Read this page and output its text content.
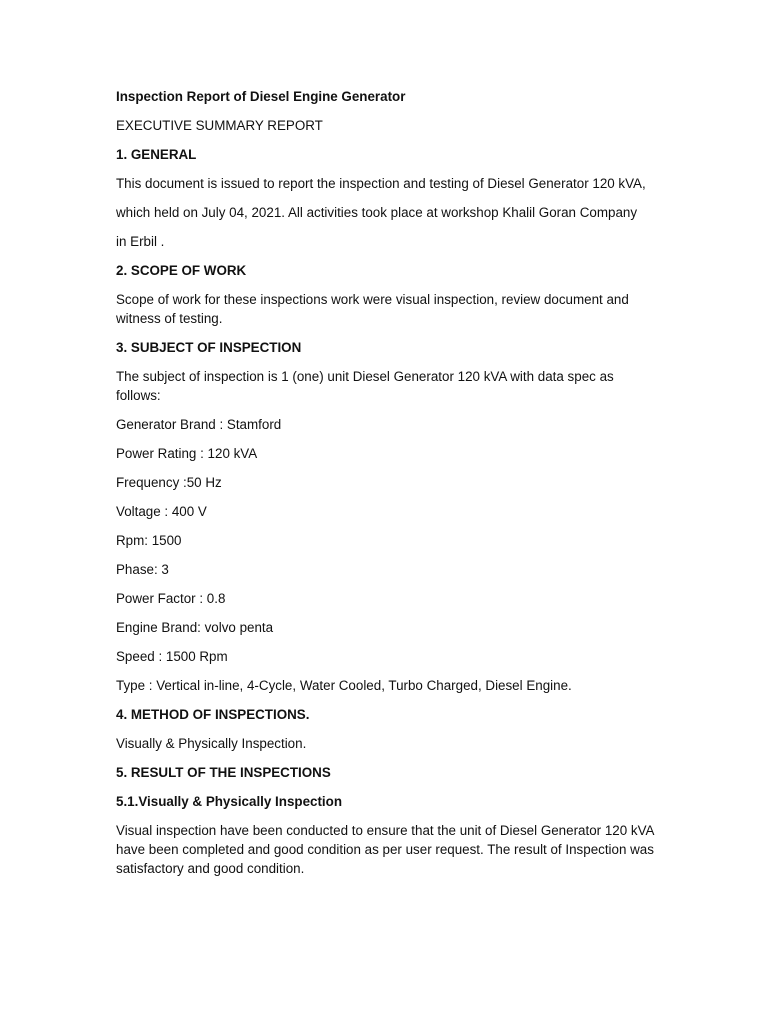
Inspection Report of Diesel Engine Generator

EXECUTIVE SUMMARY REPORT

1. GENERAL

This document is issued to report the inspection and testing of Diesel Generator 120 kVA,

which held on July 04, 2021. All activities took place at workshop Khalil Goran Company

in Erbil .

2. SCOPE OF WORK

Scope of work for these inspections work were visual inspection, review document and witness of testing.

3. SUBJECT OF INSPECTION

The subject of inspection is 1 (one) unit Diesel Generator 120 kVA with data spec as follows:

Generator Brand : Stamford

Power Rating : 120 kVA

Frequency :50 Hz

Voltage : 400 V

Rpm: 1500

Phase: 3

Power Factor : 0.8

Engine Brand: volvo penta

Speed : 1500 Rpm

Type : Vertical in-line, 4-Cycle, Water Cooled, Turbo Charged, Diesel Engine.

4. METHOD OF INSPECTIONS.

Visually & Physically Inspection.

5. RESULT OF THE INSPECTIONS

5.1.Visually & Physically Inspection

Visual inspection have been conducted to ensure that the unit of Diesel Generator 120 kVA have been completed and good condition as per user request. The result of Inspection was satisfactory and good condition.
